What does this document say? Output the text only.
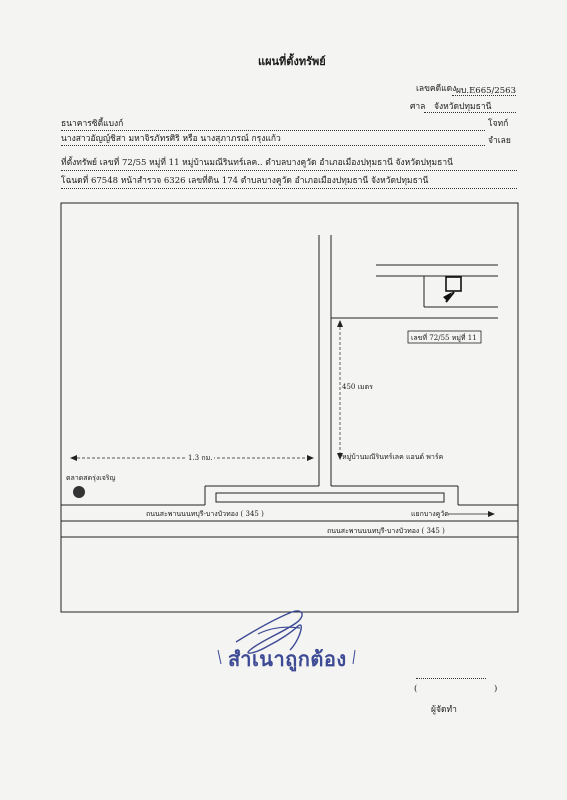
แผนที่ตั้งทรัพย์
เลขคดีแดง ผบ.E665/2563
ศาล จังหวัดปทุมธานี
ธนาคารซิตี้แบงก์	โจทก์
นางสาวอัญญ์ชิสา มหาจิรภัทรศิริ หรือ นางสุภาภรณ์ กรุงแก้ว	จำเลย
ที่ตั้งทรัพย์ เลขที่ 72/55 หมู่ที่ 11 หมู่บ้านมณีรินทร์เลค.. ตำบลบางคูวัด อำเภอเมืองปทุมธานี จังหวัดปทุมธานี
โฉนดที่ 67548 หน้าสำรวจ 6326 เลขที่ดิน 174 ตำบลบางคูวัด อำเภอเมืองปทุมธานี จังหวัดปทุมธานี
เลขที่ 72/55 หมู่ที่ 11
450 เมตร
1.3 กม.	หมู่บ้านมณีรินทร์เลค แอนด์ พาร์ค
ตลาดสดรุ่งเจริญ
ถนนสะพานนนทบุรี-บางบัวทอง ( 345 )	แยกบางคูวัด
ถนนสะพานนนทบุรี-บางบัวทอง ( 345 )
สำเนาถูกต้อง
(	)
ผู้จัดทำ
